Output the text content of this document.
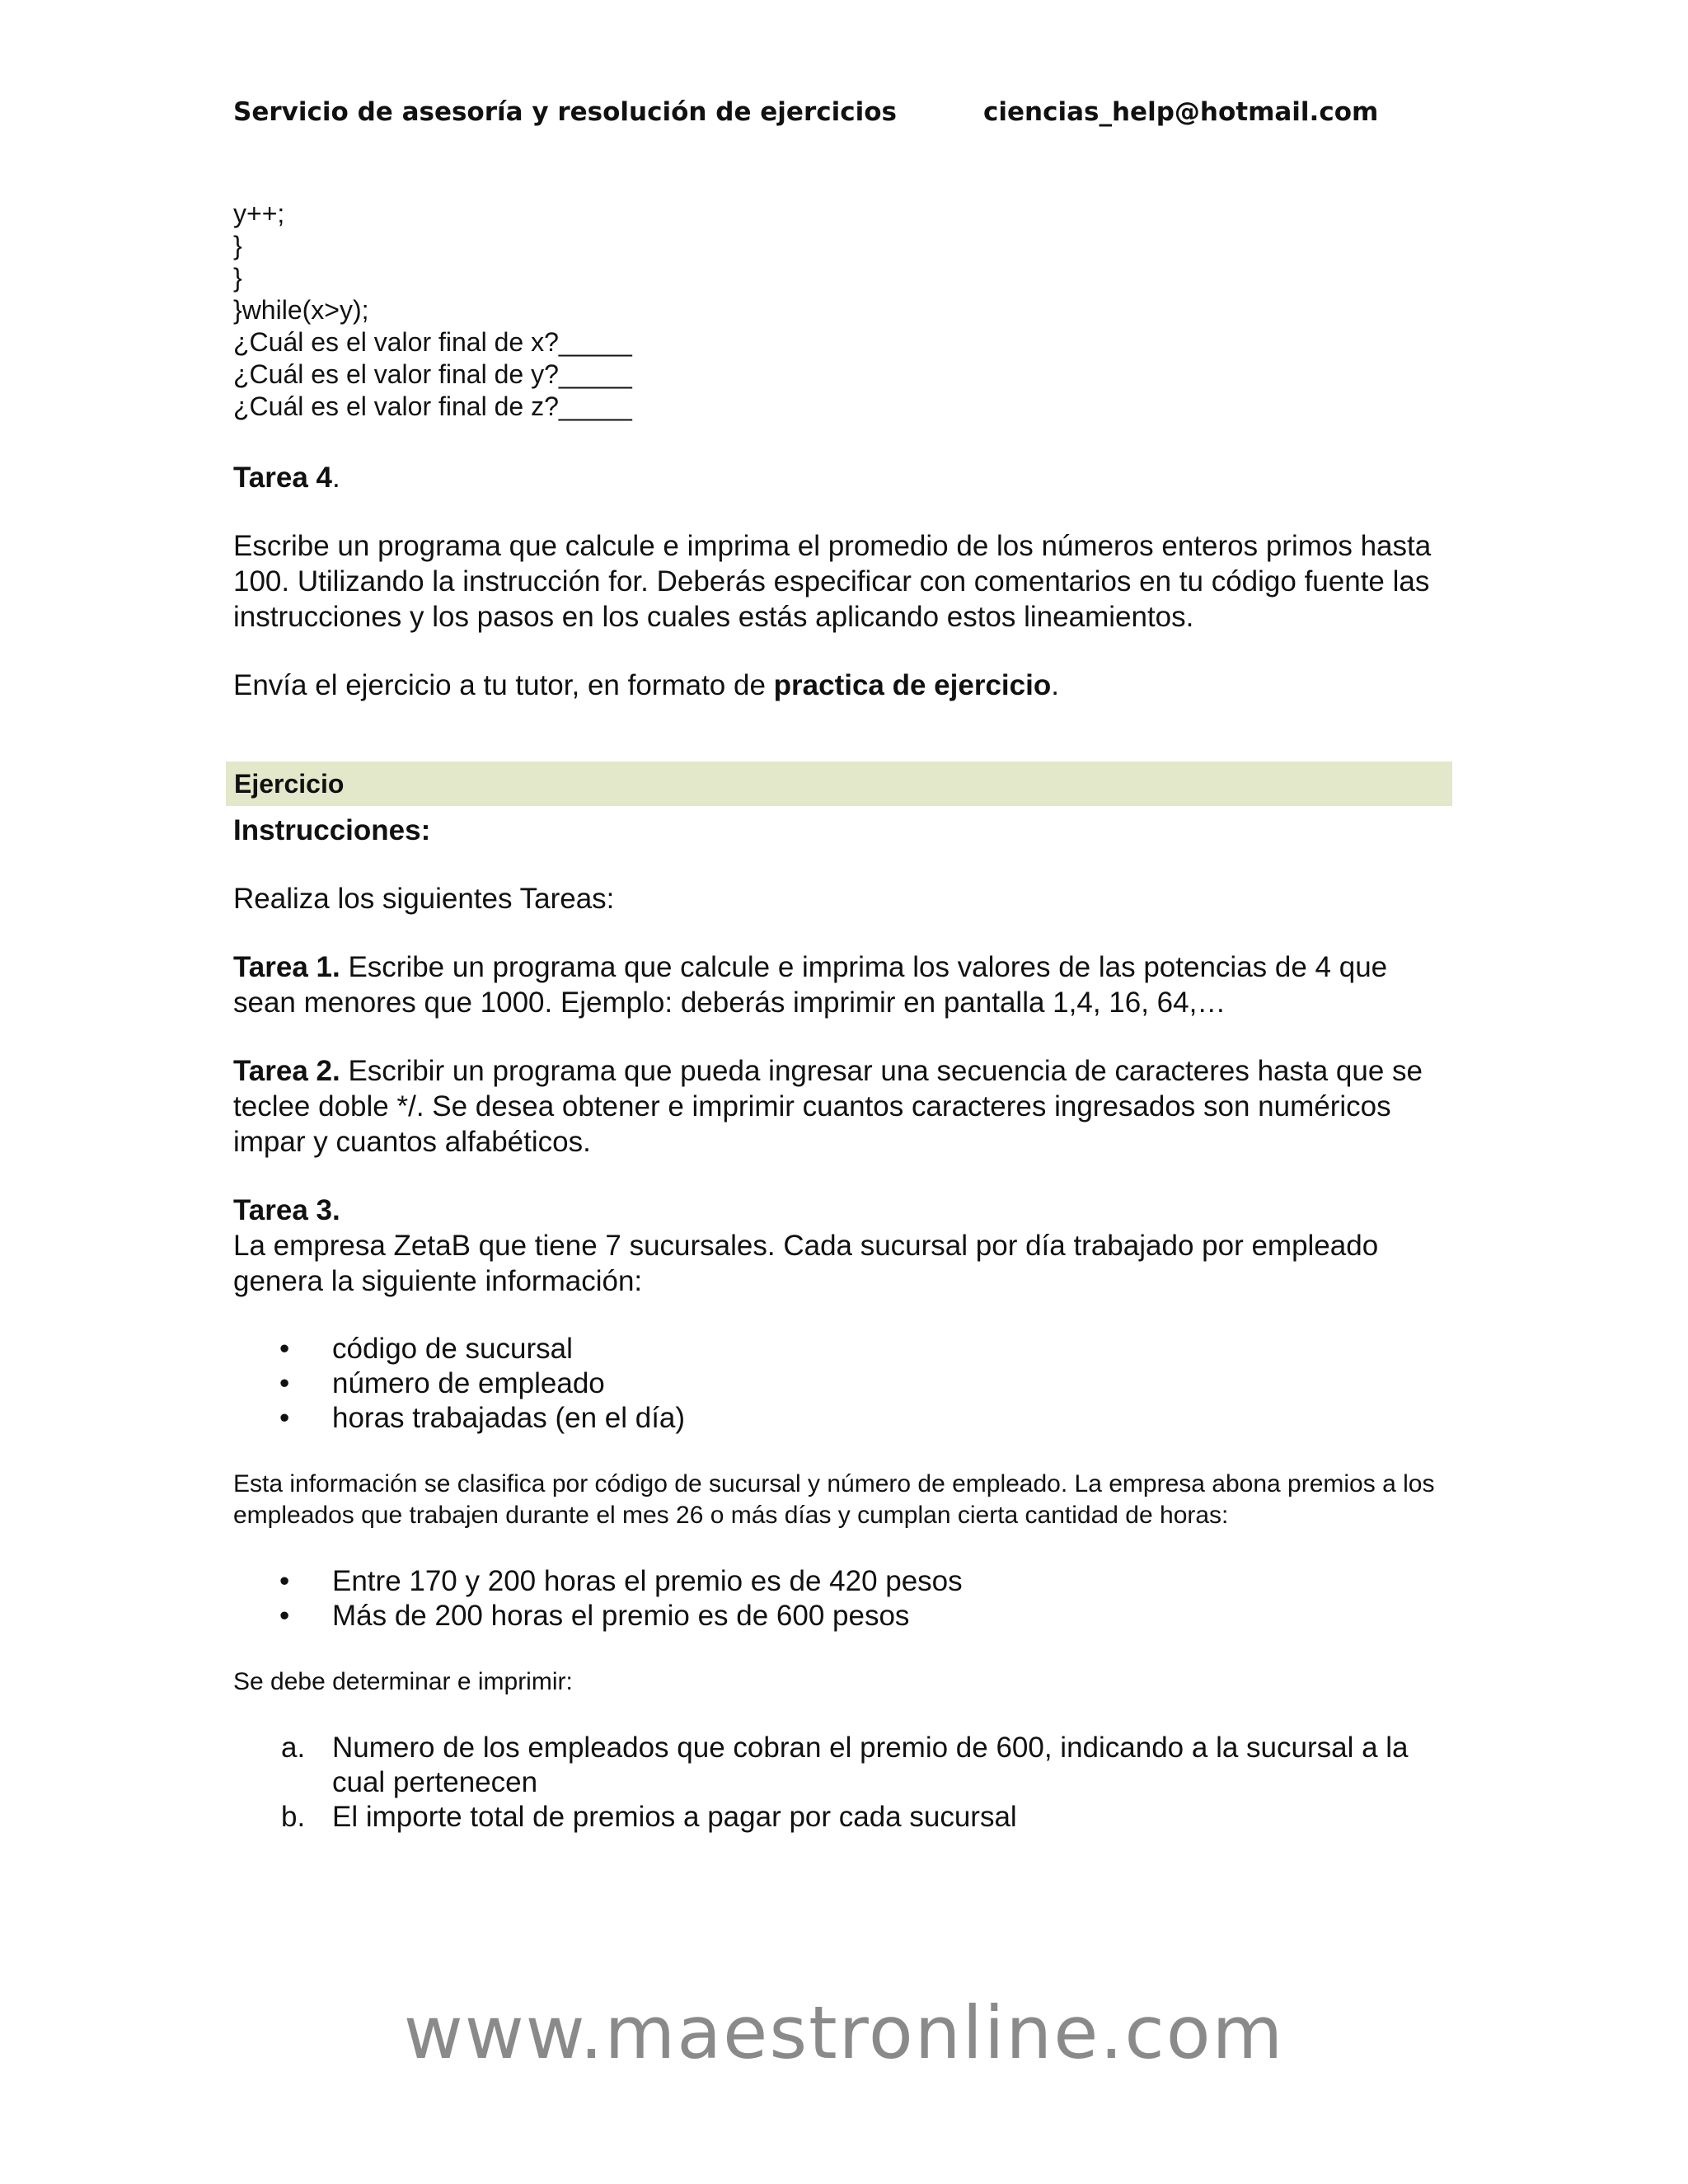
Servicio de asesoría y resolución de ejercicios	ciencias_help@hotmail.com
y++;
}
}
}while(x>y);
¿Cuál es el valor final de x?_____
¿Cuál es el valor final de y?_____
¿Cuál es el valor final de z?_____
Tarea 4.
Escribe un programa que calcule e imprima el promedio de los números enteros primos hasta 100. Utilizando la instrucción for. Deberás especificar con comentarios en tu código fuente las instrucciones y los pasos en los cuales estás aplicando estos lineamientos.
Envía el ejercicio a tu tutor, en formato de practica de ejercicio.
Ejercicio
Instrucciones:
Realiza los siguientes Tareas:
Tarea 1. Escribe un programa que calcule e imprima los valores de las potencias de 4 que sean menores que 1000. Ejemplo: deberás imprimir en pantalla 1,4, 16, 64,…
Tarea 2. Escribir un programa que pueda ingresar una secuencia de caracteres hasta que se teclee doble */. Se desea obtener e imprimir cuantos caracteres ingresados son numéricos impar y cuantos alfabéticos.
Tarea 3.
La empresa ZetaB que tiene 7 sucursales. Cada sucursal por día trabajado por empleado genera la siguiente información:
• código de sucursal
• número de empleado
• horas trabajadas (en el día)
Esta información se clasifica por código de sucursal y número de empleado. La empresa abona premios a los empleados que trabajen durante el mes 26 o más días y cumplan cierta cantidad de horas:
• Entre 170 y 200 horas el premio es de 420 pesos
• Más de 200 horas el premio es de 600 pesos
Se debe determinar e imprimir:
a. Numero de los empleados que cobran el premio de 600, indicando a la sucursal a la cual pertenecen
b. El importe total de premios a pagar por cada sucursal
www.maestronline.com
